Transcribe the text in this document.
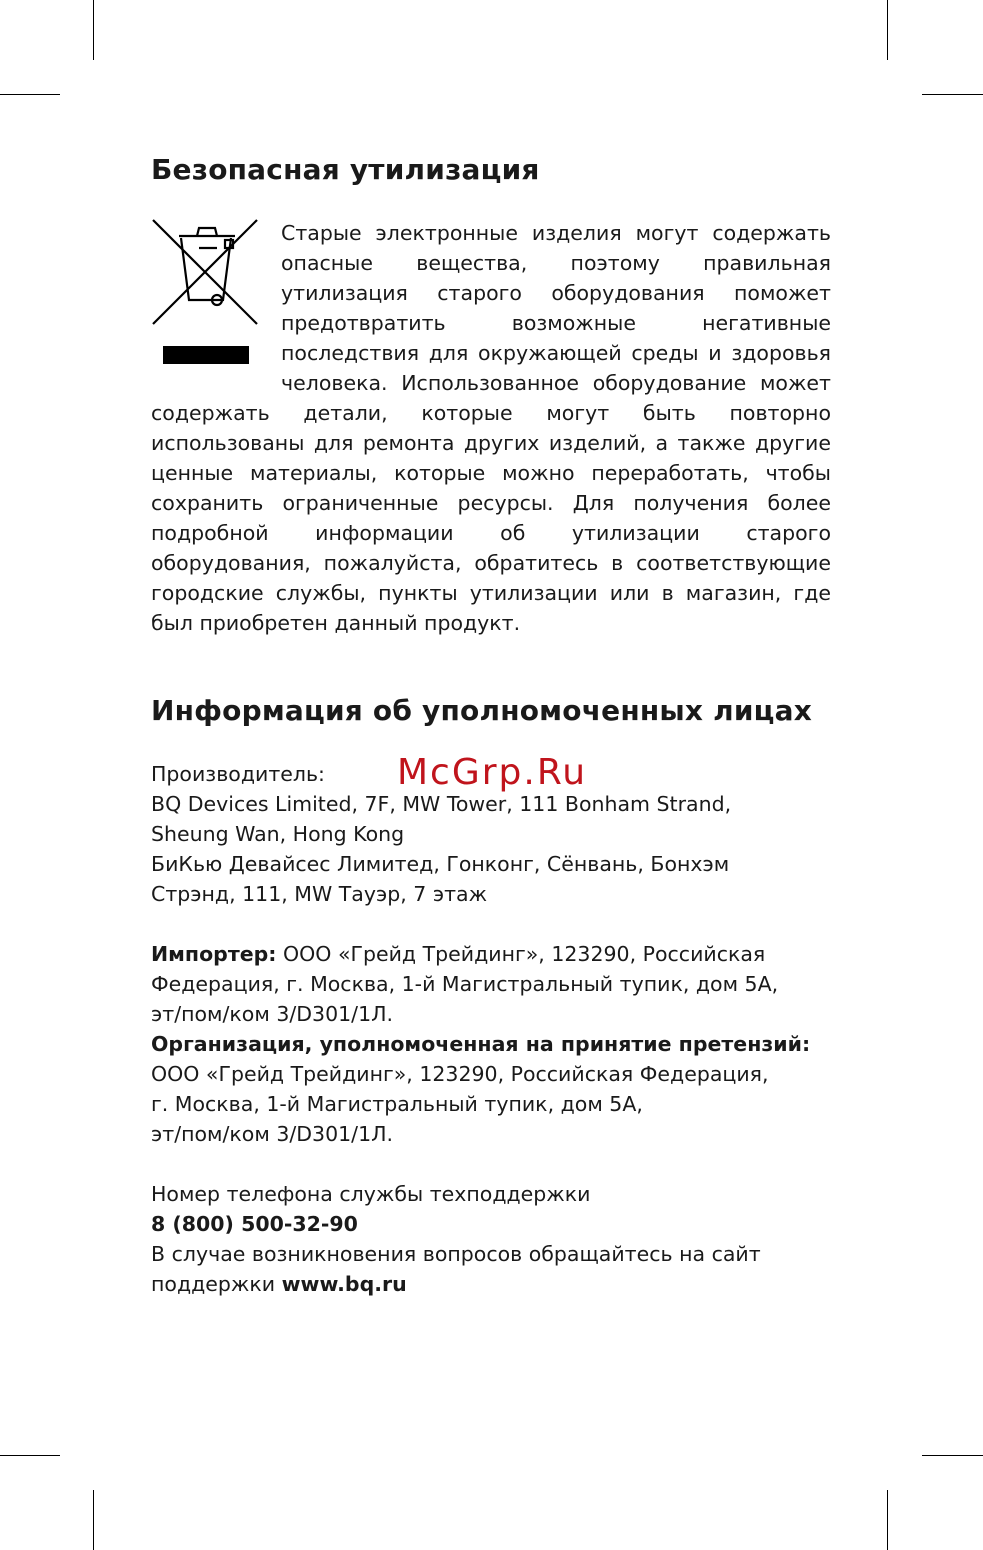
Безопасная утилизация

Старые электронные изделия могут содержать опасные вещества, поэтому правильная утилизация старого оборудования поможет предотвратить возможные негативные последствия для окружающей среды и здоровья человека. Использованное оборудование может содержать детали, которые могут быть повторно использованы для ремонта других изделий, а также другие ценные материалы, которые можно переработать, чтобы сохранить ограниченные ресурсы. Для получения более подробной информации об утилизации старого оборудования, пожалуйста, обратитесь в соответствующие городские службы, пункты утилизации или в магазин, где был приобретен данный продукт.

Информация об уполномоченных лицах
Производитель:
BQ Devices Limited, 7F, MW Tower, 111 Bonham Strand,
Sheung Wan, Hong Kong
БиКью Девайсес Лимитед, Гонконг, Сёнвань, Бонхэм
Стрэнд, 111, MW Тауэр, 7 этаж
Импортер: ООО «Грейд Трейдинг», 123290, Российская
Федерация, г. Москва, 1-й Магистральный тупик, дом 5А,
эт/пом/ком 3/D301/1Л.
Организация, уполномоченная на принятие претензий:
ООО «Грейд Трейдинг», 123290, Российская Федерация,
г. Москва, 1-й Магистральный тупик, дом 5А,
эт/пом/ком 3/D301/1Л.
Номер телефона службы техподдержки
8 (800) 500-32-90
В случае возникновения вопросов обращайтесь на сайт
поддержки www.bq.ru
McGrp.Ru
